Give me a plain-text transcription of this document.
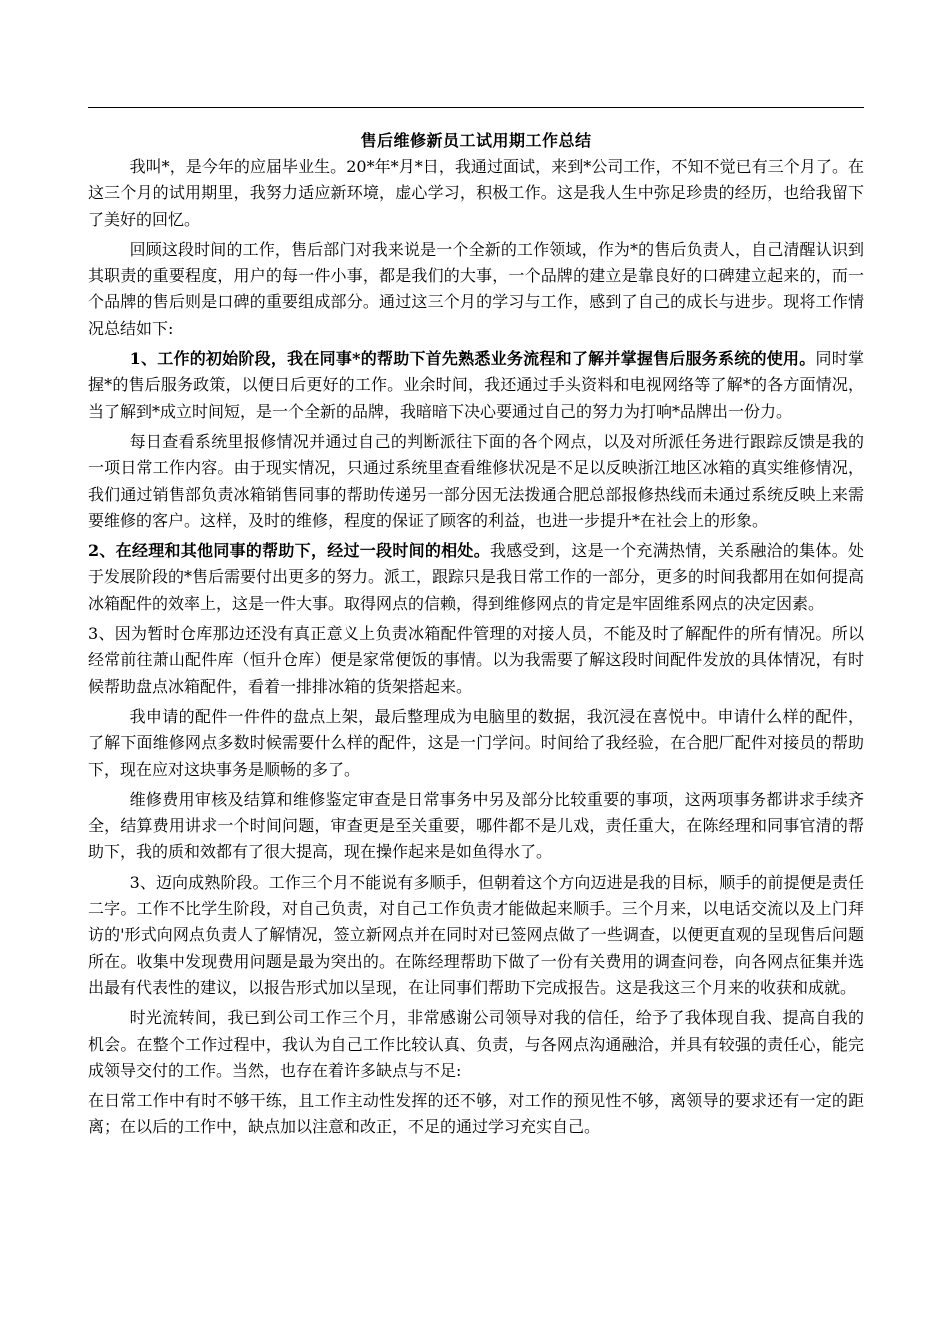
售后维修新员工试用期工作总结

我叫*，是今年的应届毕业生。20*年*月*日，我通过面试，来到*公司工作，不知不觉已有三个月了。在这三个月的试用期里，我努力适应新环境，虚心学习，积极工作。这是我人生中弥足珍贵的经历，也给我留下了美好的回忆。

回顾这段时间的工作，售后部门对我来说是一个全新的工作领域，作为*的售后负责人，自己清醒认识到其职责的重要程度，用户的每一件小事，都是我们的大事，一个品牌的建立是靠良好的口碑建立起来的，而一个品牌的售后则是口碑的重要组成部分。通过这三个月的学习与工作，感到了自己的成长与进步。现将工作情况总结如下:

1、工作的初始阶段，我在同事*的帮助下首先熟悉业务流程和了解并掌握售后服务系统的使用。同时掌握*的售后服务政策，以便日后更好的工作。业余时间，我还通过手头资料和电视网络等了解*的各方面情况，当了解到*成立时间短，是一个全新的品牌，我暗暗下决心要通过自己的努力为打响*品牌出一份力。

每日查看系统里报修情况并通过自己的判断派往下面的各个网点，以及对所派任务进行跟踪反馈是我的一项日常工作内容。由于现实情况，只通过系统里查看维修状况是不足以反映浙江地区冰箱的真实维修情况，我们通过销售部负责冰箱销售同事的帮助传递另一部分因无法拨通合肥总部报修热线而未通过系统反映上来需要维修的客户。这样，及时的维修，程度的保证了顾客的利益，也进一步提升*在社会上的形象。

2、在经理和其他同事的帮助下，经过一段时间的相处。我感受到，这是一个充满热情，关系融洽的集体。处于发展阶段的*售后需要付出更多的努力。派工，跟踪只是我日常工作的一部分，更多的时间我都用在如何提高冰箱配件的效率上，这是一件大事。取得网点的信赖，得到维修网点的肯定是牢固维系网点的决定因素。

3、因为暂时仓库那边还没有真正意义上负责冰箱配件管理的对接人员，不能及时了解配件的所有情况。所以经常前往萧山配件库（恒升仓库）便是家常便饭的事情。以为我需要了解这段时间配件发放的具体情况，有时候帮助盘点冰箱配件，看着一排排冰箱的货架搭起来。

我申请的配件一件件的盘点上架，最后整理成为电脑里的数据，我沉浸在喜悦中。申请什么样的配件，了解下面维修网点多数时候需要什么样的配件，这是一门学问。时间给了我经验，在合肥厂配件对接员的帮助下，现在应对这块事务是顺畅的多了。

维修费用审核及结算和维修鉴定审查是日常事务中另及部分比较重要的事项，这两项事务都讲求手续齐全，结算费用讲求一个时间问题，审查更是至关重要，哪件都不是儿戏，责任重大，在陈经理和同事官清的帮助下，我的质和效都有了很大提高，现在操作起来是如鱼得水了。

3、迈向成熟阶段。工作三个月不能说有多顺手，但朝着这个方向迈进是我的目标，顺手的前提便是责任二字。工作不比学生阶段，对自己负责，对自己工作负责才能做起来顺手。三个月来，以电话交流以及上门拜访的'形式向网点负责人了解情况，签立新网点并在同时对已签网点做了一些调查，以便更直观的呈现售后问题所在。收集中发现费用问题是最为突出的。在陈经理帮助下做了一份有关费用的调查问卷，向各网点征集并选出最有代表性的建议，以报告形式加以呈现，在让同事们帮助下完成报告。这是我这三个月来的收获和成就。

时光流转间，我已到公司工作三个月，非常感谢公司领导对我的信任，给予了我体现自我、提高自我的机会。在整个工作过程中，我认为自己工作比较认真、负责，与各网点沟通融洽，并具有较强的责任心，能完成领导交付的工作。当然，也存在着许多缺点与不足:

在日常工作中有时不够干练，且工作主动性发挥的还不够，对工作的预见性不够，离领导的要求还有一定的距离；在以后的工作中，缺点加以注意和改正，不足的通过学习充实自己。
